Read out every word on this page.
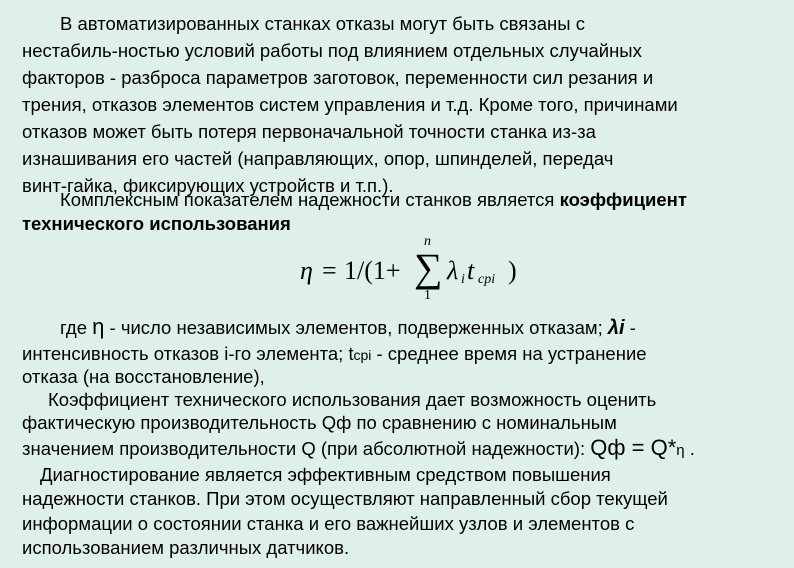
В автоматизированных станках отказы могут быть связаны с
нестабиль-ностью условий работы под влиянием отдельных случайных
факторов - разброса параметров заготовок, переменности сил резания и
трения, отказов элементов систем управления и т.д. Кроме того, причинами
отказов может быть потеря первоначальной точности станка из-за
изнашивания его частей (направляющих, опор, шпинделей, передач
винт-гайка, фиксирующих устройств и т.п.).
Комплексным показателем надежности станков является коэффициент
технического использования
η = 1/(1+
n
∑
1
λ i t cpi )
где η - число независимых элементов, подверженных отказам; λi -
интенсивность отказов i-го элемента; tcpi - среднее время на устранение
отказа (на восстановление),
Коэффициент технического использования дает возможность оценить
фактическую производительность Qф по сравнению с номинальным
значением производительности Q (при абсолютной надежности): Qф = Q*η .
Диагностирование является эффективным средством повышения
надежности станков. При этом осуществляют направленный сбор текущей
информации о состоянии станка и его важнейших узлов и элементов с
использованием различных датчиков.
